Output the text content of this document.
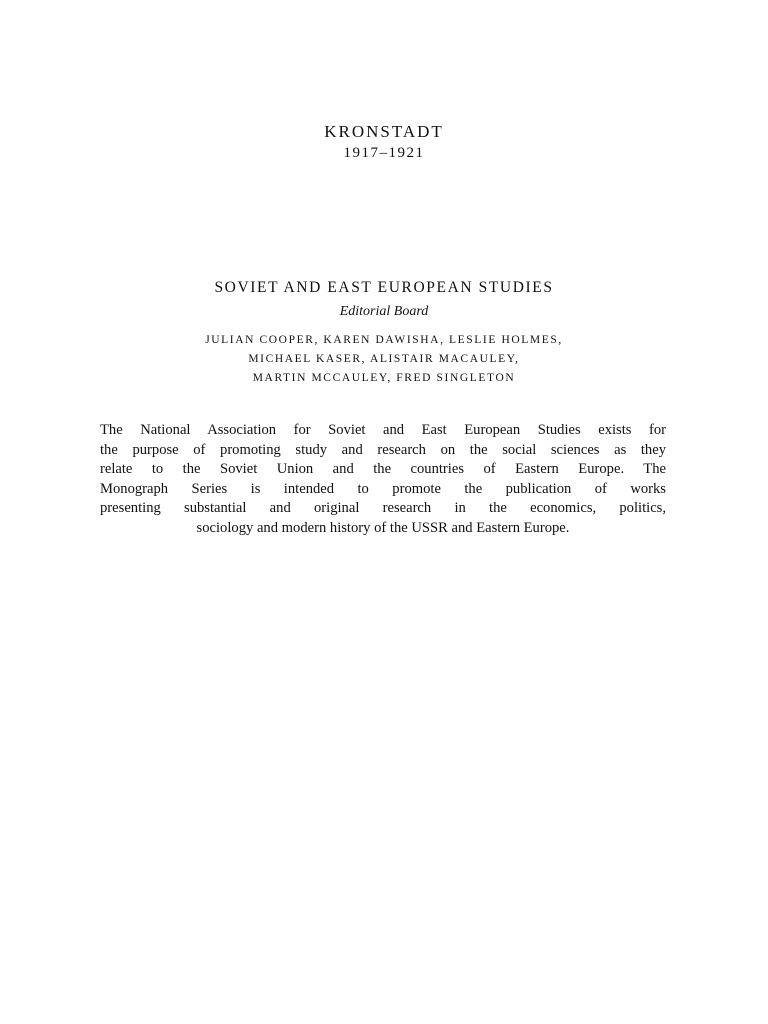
KRONSTADT
1917–1921
SOVIET AND EAST EUROPEAN STUDIES
Editorial Board
JULIAN COOPER, KAREN DAWISHA, LESLIE HOLMES,
MICHAEL KASER, ALISTAIR MACAULEY,
MARTIN MCCAULEY, FRED SINGLETON
The National Association for Soviet and East European Studies exists for
the purpose of promoting study and research on the social sciences as they
relate to the Soviet Union and the countries of Eastern Europe. The
Monograph Series is intended to promote the publication of works
presenting substantial and original research in the economics, politics,
sociology and modern history of the USSR and Eastern Europe.
